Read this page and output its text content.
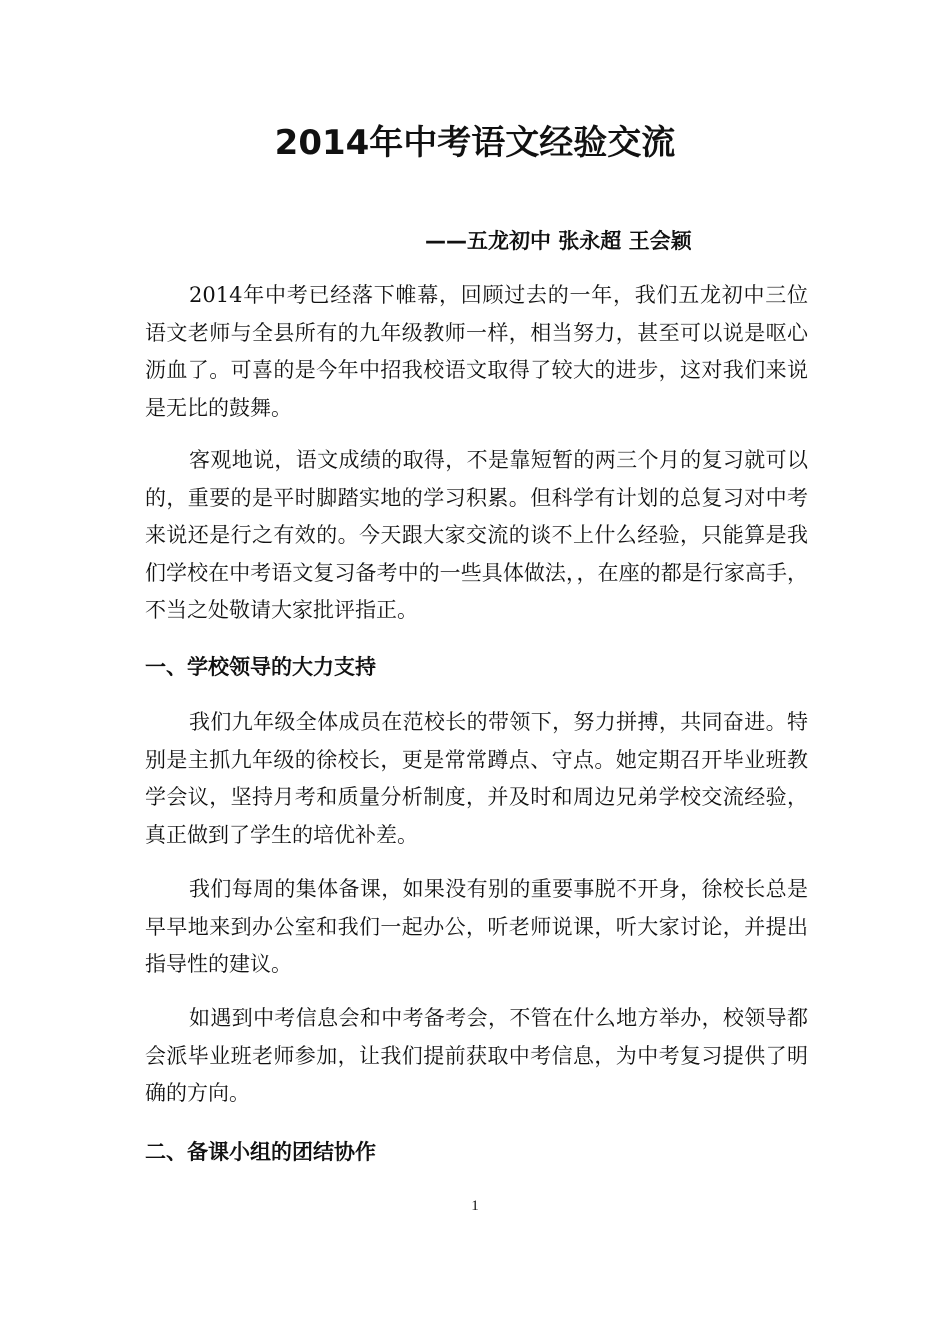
2014年中考语文经验交流

——五龙初中 张永超 王会颖

2014年中考已经落下帷幕，回顾过去的一年，我们五龙初中三位语文老师与全县所有的九年级教师一样，相当努力，甚至可以说是呕心沥血了。可喜的是今年中招我校语文取得了较大的进步，这对我们来说是无比的鼓舞。

客观地说，语文成绩的取得，不是靠短暂的两三个月的复习就可以的，重要的是平时脚踏实地的学习积累。但科学有计划的总复习对中考来说还是行之有效的。今天跟大家交流的谈不上什么经验，只能算是我们学校在中考语文复习备考中的一些具体做法，，在座的都是行家高手，不当之处敬请大家批评指正。

一、学校领导的大力支持

我们九年级全体成员在范校长的带领下，努力拼搏，共同奋进。特别是主抓九年级的徐校长，更是常常蹲点、守点。她定期召开毕业班教学会议，坚持月考和质量分析制度，并及时和周边兄弟学校交流经验，真正做到了学生的培优补差。

我们每周的集体备课，如果没有别的重要事脱不开身，徐校长总是早早地来到办公室和我们一起办公，听老师说课，听大家讨论，并提出指导性的建议。

如遇到中考信息会和中考备考会，不管在什么地方举办，校领导都会派毕业班老师参加，让我们提前获取中考信息，为中考复习提供了明确的方向。

二、备课小组的团结协作
1
